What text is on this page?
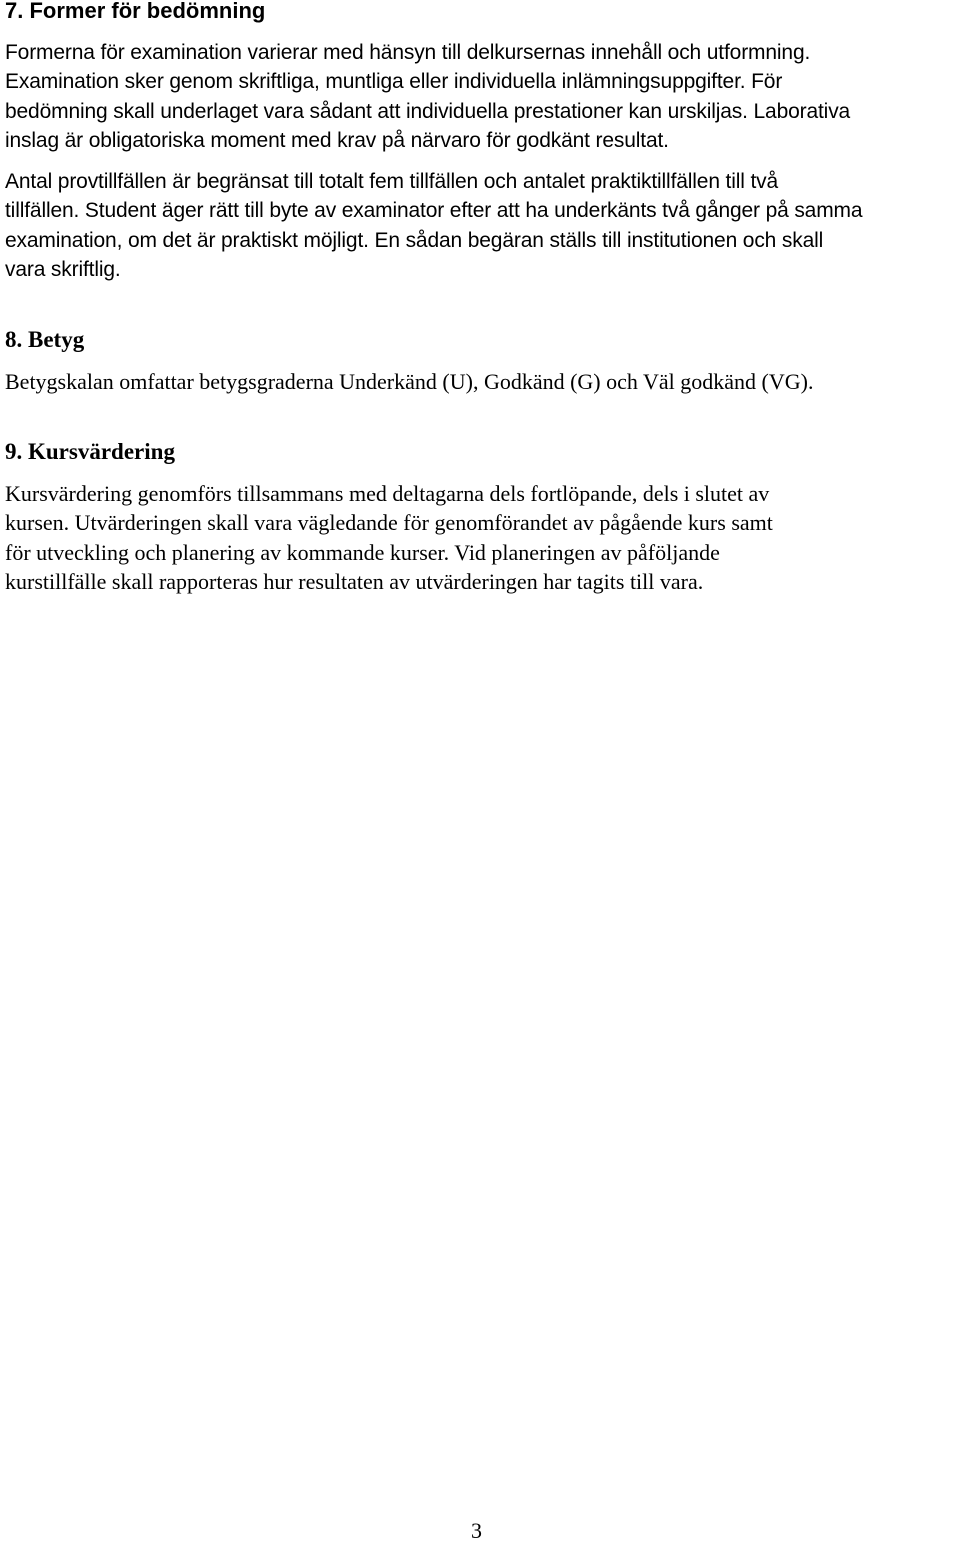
7. Former för bedömning

Formerna för examination varierar med hänsyn till delkursernas innehåll och utformning.
Examination sker genom skriftliga, muntliga eller individuella inlämningsuppgifter. För
bedömning skall underlaget vara sådant att individuella prestationer kan urskiljas. Laborativa
inslag är obligatoriska moment med krav på närvaro för godkänt resultat.

Antal provtillfällen är begränsat till totalt fem tillfällen och antalet praktiktillfällen till två
tillfällen. Student äger rätt till byte av examinator efter att ha underkänts två gånger på samma
examination, om det är praktiskt möjligt. En sådan begäran ställs till institutionen och skall
vara skriftlig.

8. Betyg

Betygskalan omfattar betygsgraderna Underkänd (U), Godkänd (G) och Väl godkänd (VG).

9. Kursvärdering

Kursvärdering genomförs tillsammans med deltagarna dels fortlöpande, dels i slutet av
kursen. Utvärderingen skall vara vägledande för genomförandet av pågående kurs samt
för utveckling och planering av kommande kurser. Vid planeringen av påföljande
kurstillfälle skall rapporteras hur resultaten av utvärderingen har tagits till vara.

3
